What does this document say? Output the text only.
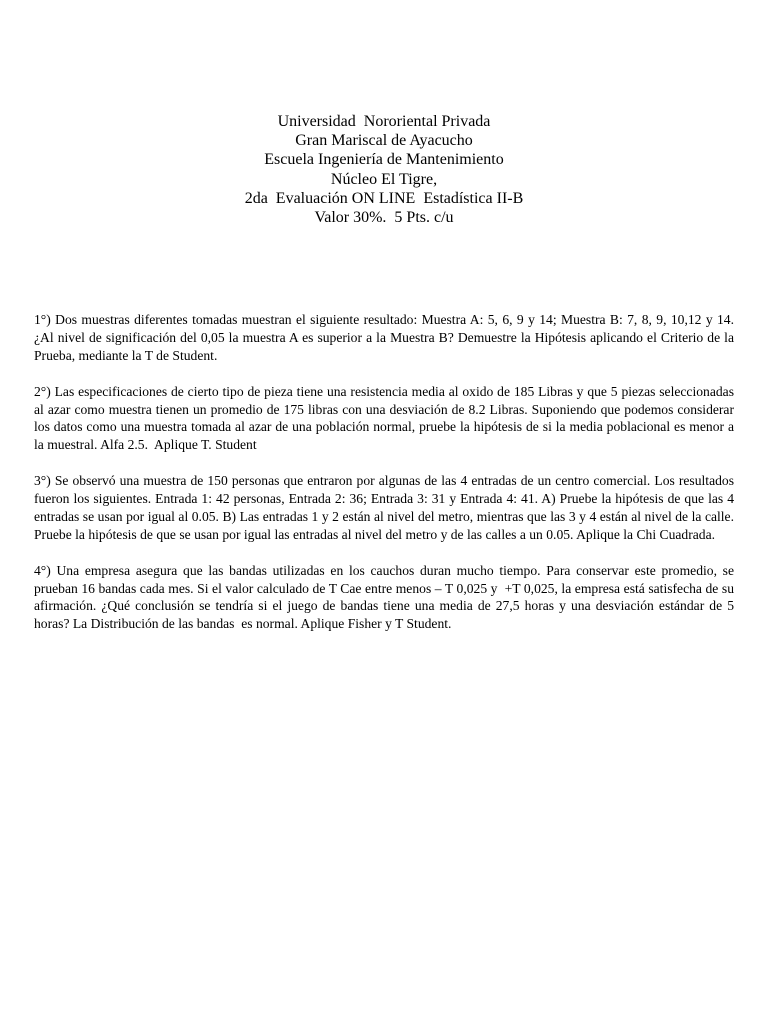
Universidad  Nororiental Privada
Gran Mariscal de Ayacucho
Escuela Ingeniería de Mantenimiento
Núcleo El Tigre,
2da  Evaluación ON LINE  Estadística II-B
Valor 30%.  5 Pts. c/u

1°) Dos muestras diferentes tomadas muestran el siguiente resultado: Muestra A: 5, 6, 9 y 14; Muestra B: 7, 8, 9, 10,12 y 14. ¿Al nivel de significación del 0,05 la muestra A es superior a la Muestra B? Demuestre la Hipótesis aplicando el Criterio de la Prueba, mediante la T de Student.

2°) Las especificaciones de cierto tipo de pieza tiene una resistencia media al oxido de 185 Libras y que 5 piezas seleccionadas al azar como muestra tienen un promedio de 175 libras con una desviación de 8.2 Libras. Suponiendo que podemos considerar los datos como una muestra tomada al azar de una población normal, pruebe la hipótesis de si la media poblacional es menor a la muestral. Alfa 2.5.  Aplique T. Student

3°) Se observó una muestra de 150 personas que entraron por algunas de las 4 entradas de un centro comercial. Los resultados fueron los siguientes. Entrada 1: 42 personas, Entrada 2: 36; Entrada 3: 31 y Entrada 4: 41. A) Pruebe la hipótesis de que las 4 entradas se usan por igual al 0.05. B) Las entradas 1 y 2 están al nivel del metro, mientras que las 3 y 4 están al nivel de la calle. Pruebe la hipótesis de que se usan por igual las entradas al nivel del metro y de las calles a un 0.05. Aplique la Chi Cuadrada.

4°) Una empresa asegura que las bandas utilizadas en los cauchos duran mucho tiempo. Para conservar este promedio, se prueban 16 bandas cada mes. Si el valor calculado de T Cae entre menos – T 0,025 y  +T 0,025, la empresa está satisfecha de su afirmación. ¿Qué conclusión se tendría si el juego de bandas tiene una media de 27,5 horas y una desviación estándar de 5 horas? La Distribución de las bandas  es normal. Aplique Fisher y T Student.
